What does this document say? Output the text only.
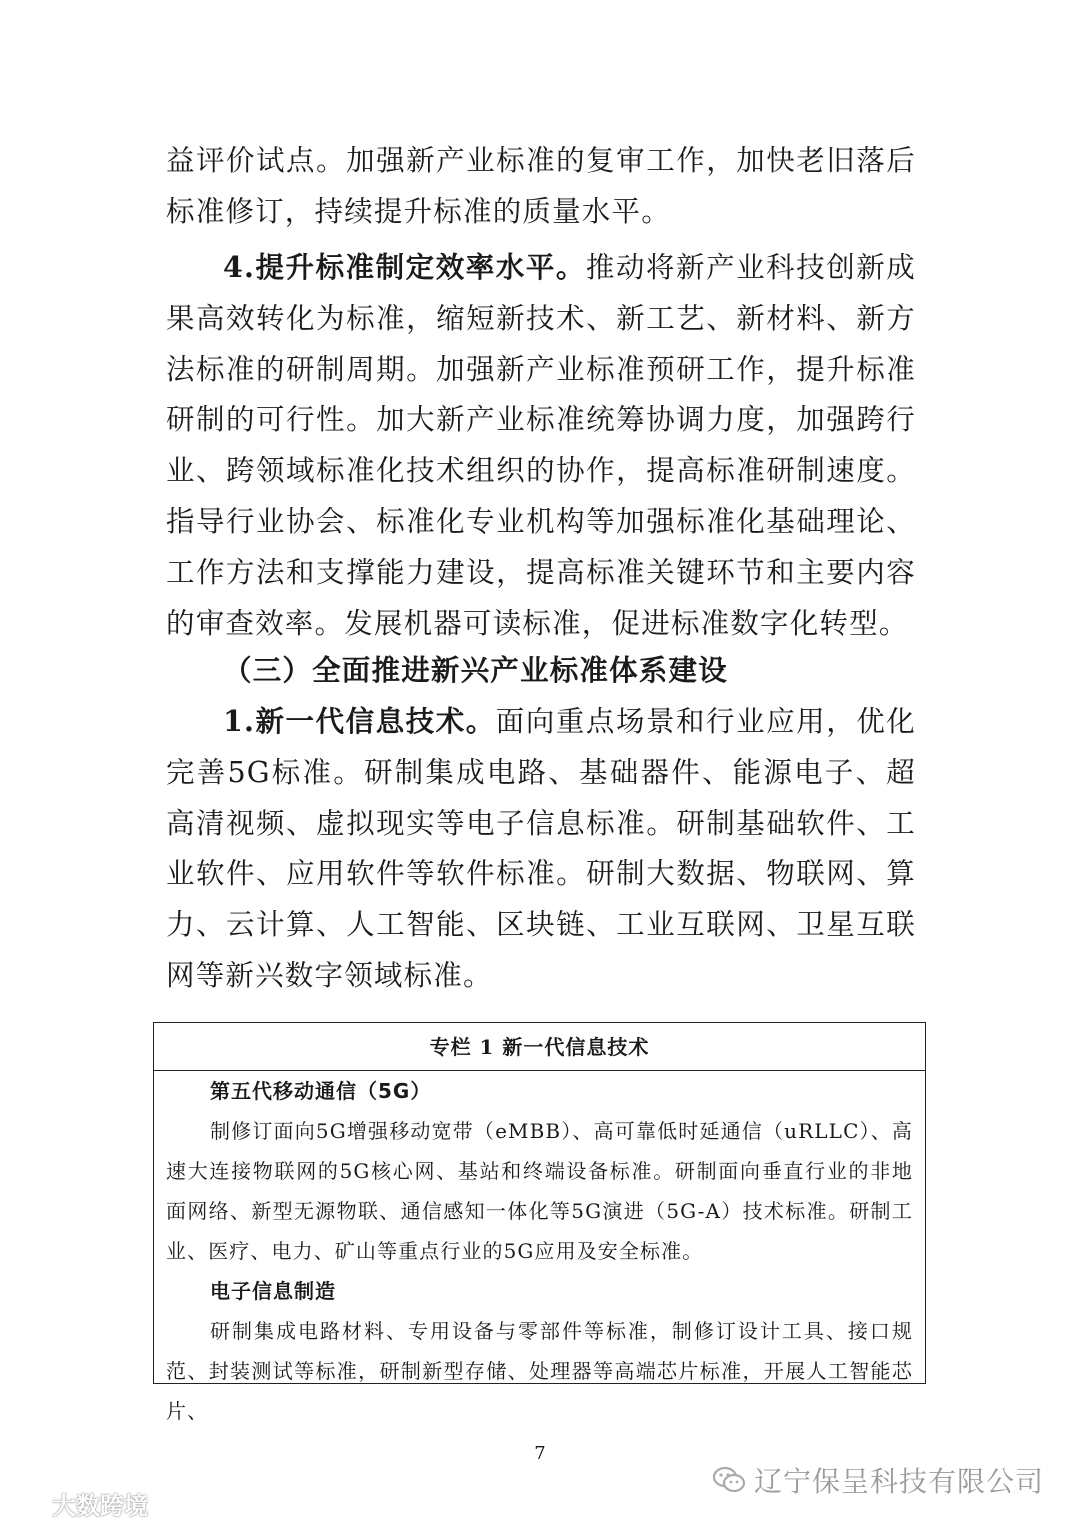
益评价试点。加强新产业标准的复审工作，加快老旧落后标准修订，持续提升标准的质量水平。

4.提升标准制定效率水平。推动将新产业科技创新成果高效转化为标准，缩短新技术、新工艺、新材料、新方法标准的研制周期。加强新产业标准预研工作，提升标准研制的可行性。加大新产业标准统筹协调力度，加强跨行业、跨领域标准化技术组织的协作，提高标准研制速度。指导行业协会、标准化专业机构等加强标准化基础理论、工作方法和支撑能力建设，提高标准关键环节和主要内容的审查效率。发展机器可读标准，促进标准数字化转型。

（三）全面推进新兴产业标准体系建设

1.新一代信息技术。面向重点场景和行业应用，优化完善5G标准。研制集成电路、基础器件、能源电子、超高清视频、虚拟现实等电子信息标准。研制基础软件、工业软件、应用软件等软件标准。研制大数据、物联网、算力、云计算、人工智能、区块链、工业互联网、卫星互联网等新兴数字领域标准。

专栏 1 新一代信息技术

第五代移动通信（5G）

制修订面向5G增强移动宽带（eMBB）、高可靠低时延通信（uRLLC）、高速大连接物联网的5G核心网、基站和终端设备标准。研制面向垂直行业的非地面网络、新型无源物联、通信感知一体化等5G演进（5G-A）技术标准。研制工业、医疗、电力、矿山等重点行业的5G应用及安全标准。

电子信息制造

研制集成电路材料、专用设备与零部件等标准，制修订设计工具、接口规范、封装测试等标准，研制新型存储、处理器等高端芯片标准，开展人工智能芯片、

7
辽宁保呈科技有限公司
大数跨境
